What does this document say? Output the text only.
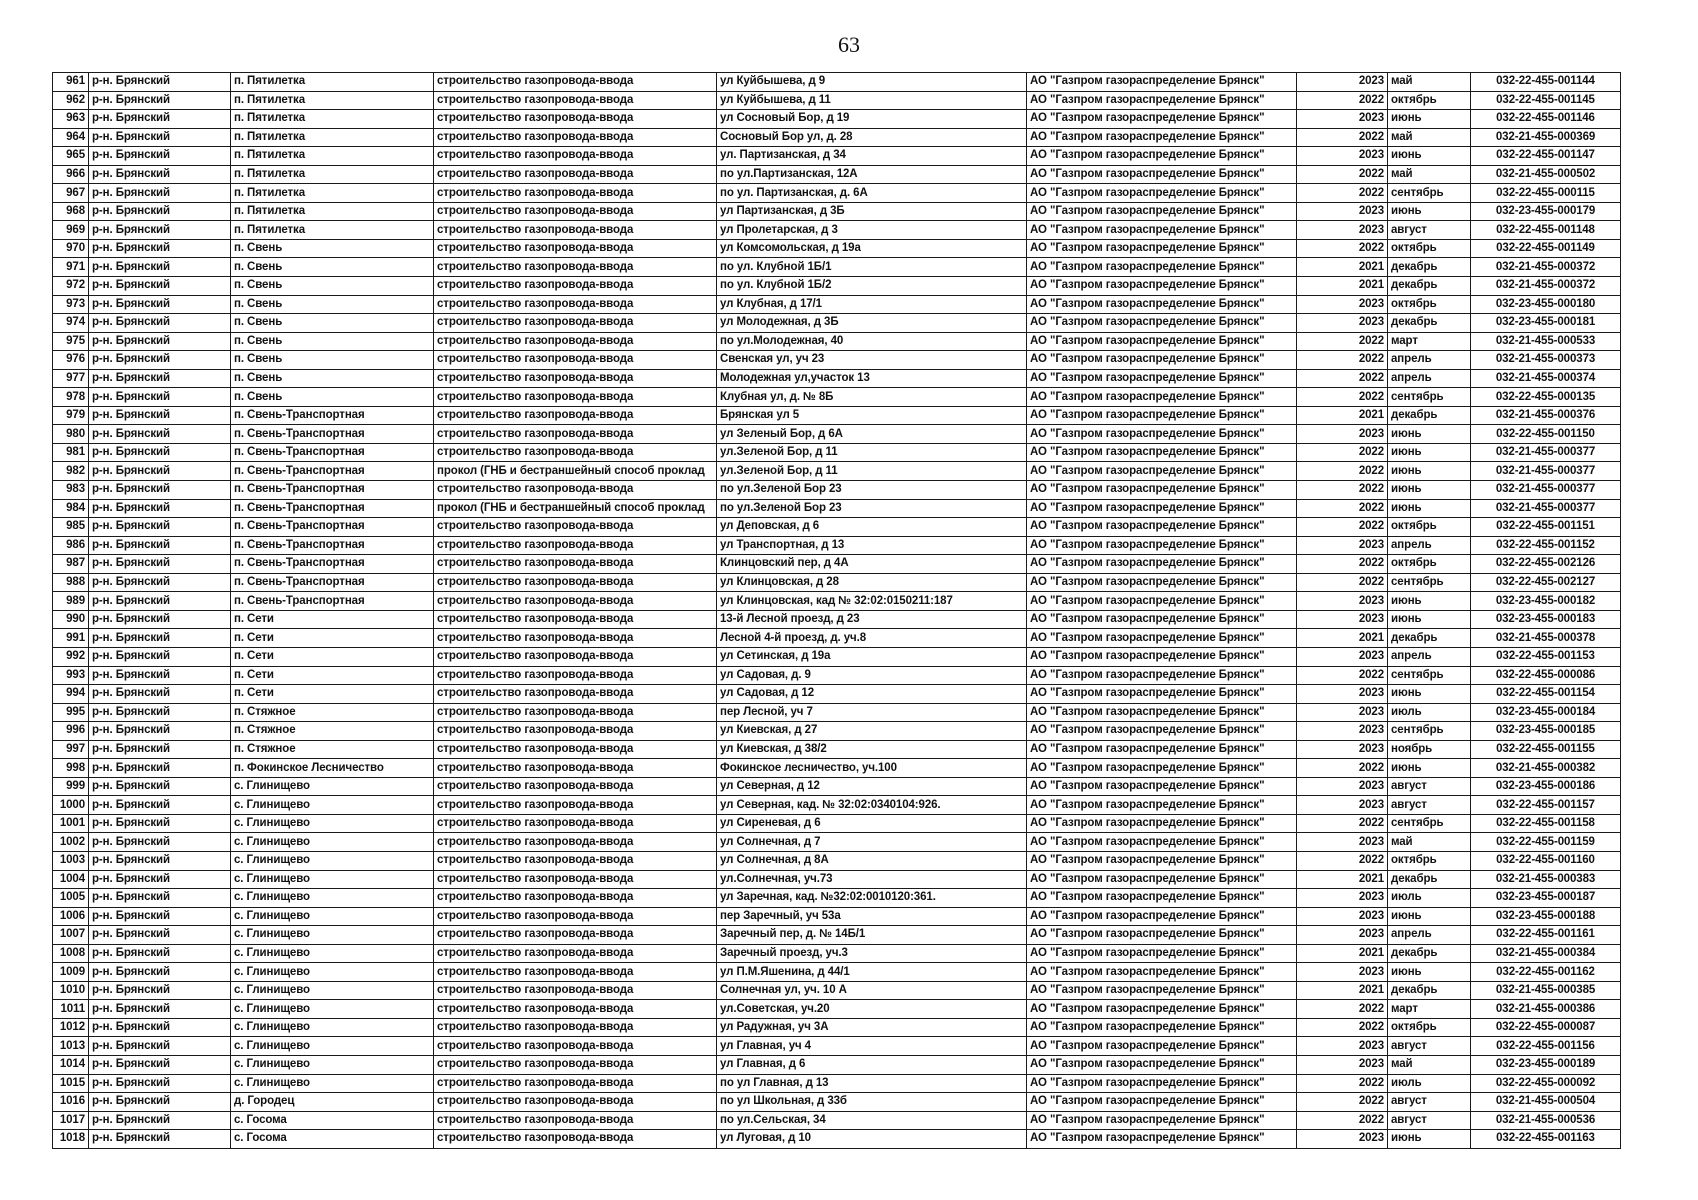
63
961	р-н. Брянский	п. Пятилетка	строительство газопровода-ввода	ул Куйбышева, д 9	АО "Газпром газораспределение Брянск"	2023	май	032-22-455-001144
962	р-н. Брянский	п. Пятилетка	строительство газопровода-ввода	ул Куйбышева, д 11	АО "Газпром газораспределение Брянск"	2022	октябрь	032-22-455-001145
963	р-н. Брянский	п. Пятилетка	строительство газопровода-ввода	ул Сосновый Бор, д 19	АО "Газпром газораспределение Брянск"	2023	июнь	032-22-455-001146
964	р-н. Брянский	п. Пятилетка	строительство газопровода-ввода	Сосновый Бор ул, д. 28	АО "Газпром газораспределение Брянск"	2022	май	032-21-455-000369
965	р-н. Брянский	п. Пятилетка	строительство газопровода-ввода	ул. Партизанская, д 34	АО "Газпром газораспределение Брянск"	2023	июнь	032-22-455-001147
966	р-н. Брянский	п. Пятилетка	строительство газопровода-ввода	по ул.Партизанская, 12А	АО "Газпром газораспределение Брянск"	2022	май	032-21-455-000502
967	р-н. Брянский	п. Пятилетка	строительство газопровода-ввода	по ул. Партизанская, д. 6А	АО "Газпром газораспределение Брянск"	2022	сентябрь	032-22-455-000115
968	р-н. Брянский	п. Пятилетка	строительство газопровода-ввода	ул Партизанская, д 3Б	АО "Газпром газораспределение Брянск"	2023	июнь	032-23-455-000179
969	р-н. Брянский	п. Пятилетка	строительство газопровода-ввода	ул Пролетарская, д 3	АО "Газпром газораспределение Брянск"	2023	август	032-22-455-001148
970	р-н. Брянский	п. Свень	строительство газопровода-ввода	ул Комсомольская, д 19а	АО "Газпром газораспределение Брянск"	2022	октябрь	032-22-455-001149
971	р-н. Брянский	п. Свень	строительство газопровода-ввода	по ул. Клубной 1Б/1	АО "Газпром газораспределение Брянск"	2021	декабрь	032-21-455-000372
972	р-н. Брянский	п. Свень	строительство газопровода-ввода	по ул. Клубной 1Б/2	АО "Газпром газораспределение Брянск"	2021	декабрь	032-21-455-000372
973	р-н. Брянский	п. Свень	строительство газопровода-ввода	ул Клубная, д 17/1	АО "Газпром газораспределение Брянск"	2023	октябрь	032-23-455-000180
974	р-н. Брянский	п. Свень	строительство газопровода-ввода	ул Молодежная, д 3Б	АО "Газпром газораспределение Брянск"	2023	декабрь	032-23-455-000181
975	р-н. Брянский	п. Свень	строительство газопровода-ввода	по ул.Молодежная, 40	АО "Газпром газораспределение Брянск"	2022	март	032-21-455-000533
976	р-н. Брянский	п. Свень	строительство газопровода-ввода	Свенская ул, уч 23	АО "Газпром газораспределение Брянск"	2022	апрель	032-21-455-000373
977	р-н. Брянский	п. Свень	строительство газопровода-ввода	Молодежная ул,участок 13	АО "Газпром газораспределение Брянск"	2022	апрель	032-21-455-000374
978	р-н. Брянский	п. Свень	строительство газопровода-ввода	Клубная ул, д. № 8Б	АО "Газпром газораспределение Брянск"	2022	сентябрь	032-22-455-000135
979	р-н. Брянский	п. Свень-Транспортная	строительство газопровода-ввода	Брянская ул 5	АО "Газпром газораспределение Брянск"	2021	декабрь	032-21-455-000376
980	р-н. Брянский	п. Свень-Транспортная	строительство газопровода-ввода	ул Зеленый Бор, д 6А	АО "Газпром газораспределение Брянск"	2023	июнь	032-22-455-001150
981	р-н. Брянский	п. Свень-Транспортная	строительство газопровода-ввода	ул.Зеленой Бор, д 11	АО "Газпром газораспределение Брянск"	2022	июнь	032-21-455-000377
982	р-н. Брянский	п. Свень-Транспортная	прокол (ГНБ и бестраншейный способ проклад	ул.Зеленой Бор, д 11	АО "Газпром газораспределение Брянск"	2022	июнь	032-21-455-000377
983	р-н. Брянский	п. Свень-Транспортная	строительство газопровода-ввода	по ул.Зеленой Бор 23	АО "Газпром газораспределение Брянск"	2022	июнь	032-21-455-000377
984	р-н. Брянский	п. Свень-Транспортная	прокол (ГНБ и бестраншейный способ проклад	по ул.Зеленой Бор 23	АО "Газпром газораспределение Брянск"	2022	июнь	032-21-455-000377
985	р-н. Брянский	п. Свень-Транспортная	строительство газопровода-ввода	ул Деповская, д 6	АО "Газпром газораспределение Брянск"	2022	октябрь	032-22-455-001151
986	р-н. Брянский	п. Свень-Транспортная	строительство газопровода-ввода	ул Транспортная, д 13	АО "Газпром газораспределение Брянск"	2023	апрель	032-22-455-001152
987	р-н. Брянский	п. Свень-Транспортная	строительство газопровода-ввода	Клинцовский пер, д 4А	АО "Газпром газораспределение Брянск"	2022	октябрь	032-22-455-002126
988	р-н. Брянский	п. Свень-Транспортная	строительство газопровода-ввода	ул Клинцовская, д 28	АО "Газпром газораспределение Брянск"	2022	сентябрь	032-22-455-002127
989	р-н. Брянский	п. Свень-Транспортная	строительство газопровода-ввода	ул Клинцовская, кад № 32:02:0150211:187	АО "Газпром газораспределение Брянск"	2023	июнь	032-23-455-000182
990	р-н. Брянский	п. Сети	строительство газопровода-ввода	13-й Лесной проезд, д 23	АО "Газпром газораспределение Брянск"	2023	июнь	032-23-455-000183
991	р-н. Брянский	п. Сети	строительство газопровода-ввода	Лесной 4-й проезд, д. уч.8	АО "Газпром газораспределение Брянск"	2021	декабрь	032-21-455-000378
992	р-н. Брянский	п. Сети	строительство газопровода-ввода	ул Сетинская, д 19а	АО "Газпром газораспределение Брянск"	2023	апрель	032-22-455-001153
993	р-н. Брянский	п. Сети	строительство газопровода-ввода	ул Садовая, д. 9	АО "Газпром газораспределение Брянск"	2022	сентябрь	032-22-455-000086
994	р-н. Брянский	п. Сети	строительство газопровода-ввода	ул Садовая, д 12	АО "Газпром газораспределение Брянск"	2023	июнь	032-22-455-001154
995	р-н. Брянский	п. Стяжное	строительство газопровода-ввода	пер Лесной, уч 7	АО "Газпром газораспределение Брянск"	2023	июль	032-23-455-000184
996	р-н. Брянский	п. Стяжное	строительство газопровода-ввода	ул Киевская, д 27	АО "Газпром газораспределение Брянск"	2023	сентябрь	032-23-455-000185
997	р-н. Брянский	п. Стяжное	строительство газопровода-ввода	ул Киевская, д 38/2	АО "Газпром газораспределение Брянск"	2023	ноябрь	032-22-455-001155
998	р-н. Брянский	п. Фокинское Лесничество	строительство газопровода-ввода	Фокинское лесничество, уч.100	АО "Газпром газораспределение Брянск"	2022	июнь	032-21-455-000382
999	р-н. Брянский	с. Глинищево	строительство газопровода-ввода	ул Северная, д 12	АО "Газпром газораспределение Брянск"	2023	август	032-23-455-000186
1000	р-н. Брянский	с. Глинищево	строительство газопровода-ввода	ул Северная, кад. № 32:02:0340104:926.	АО "Газпром газораспределение Брянск"	2023	август	032-22-455-001157
1001	р-н. Брянский	с. Глинищево	строительство газопровода-ввода	ул Сиреневая, д 6	АО "Газпром газораспределение Брянск"	2022	сентябрь	032-22-455-001158
1002	р-н. Брянский	с. Глинищево	строительство газопровода-ввода	ул Солнечная, д 7	АО "Газпром газораспределение Брянск"	2023	май	032-22-455-001159
1003	р-н. Брянский	с. Глинищево	строительство газопровода-ввода	ул Солнечная, д 8А	АО "Газпром газораспределение Брянск"	2022	октябрь	032-22-455-001160
1004	р-н. Брянский	с. Глинищево	строительство газопровода-ввода	ул.Солнечная, уч.73	АО "Газпром газораспределение Брянск"	2021	декабрь	032-21-455-000383
1005	р-н. Брянский	с. Глинищево	строительство газопровода-ввода	ул Заречная, кад. №32:02:0010120:361.	АО "Газпром газораспределение Брянск"	2023	июль	032-23-455-000187
1006	р-н. Брянский	с. Глинищево	строительство газопровода-ввода	пер Заречный, уч 53а	АО "Газпром газораспределение Брянск"	2023	июнь	032-23-455-000188
1007	р-н. Брянский	с. Глинищево	строительство газопровода-ввода	Заречный пер, д. № 14Б/1	АО "Газпром газораспределение Брянск"	2023	апрель	032-22-455-001161
1008	р-н. Брянский	с. Глинищево	строительство газопровода-ввода	Заречный проезд, уч.3	АО "Газпром газораспределение Брянск"	2021	декабрь	032-21-455-000384
1009	р-н. Брянский	с. Глинищево	строительство газопровода-ввода	ул П.М.Яшенина, д 44/1	АО "Газпром газораспределение Брянск"	2023	июнь	032-22-455-001162
1010	р-н. Брянский	с. Глинищево	строительство газопровода-ввода	Солнечная ул, уч. 10 А	АО "Газпром газораспределение Брянск"	2021	декабрь	032-21-455-000385
1011	р-н. Брянский	с. Глинищево	строительство газопровода-ввода	ул.Советская, уч.20	АО "Газпром газораспределение Брянск"	2022	март	032-21-455-000386
1012	р-н. Брянский	с. Глинищево	строительство газопровода-ввода	ул Радужная, уч 3А	АО "Газпром газораспределение Брянск"	2022	октябрь	032-22-455-000087
1013	р-н. Брянский	с. Глинищево	строительство газопровода-ввода	ул Главная, уч 4	АО "Газпром газораспределение Брянск"	2023	август	032-22-455-001156
1014	р-н. Брянский	с. Глинищево	строительство газопровода-ввода	ул Главная, д 6	АО "Газпром газораспределение Брянск"	2023	май	032-23-455-000189
1015	р-н. Брянский	с. Глинищево	строительство газопровода-ввода	по ул Главная, д 13	АО "Газпром газораспределение Брянск"	2022	июль	032-22-455-000092
1016	р-н. Брянский	д. Городец	строительство газопровода-ввода	по ул Школьная, д 33б	АО "Газпром газораспределение Брянск"	2022	август	032-21-455-000504
1017	р-н. Брянский	с. Госома	строительство газопровода-ввода	по ул.Сельская, 34	АО "Газпром газораспределение Брянск"	2022	август	032-21-455-000536
1018	р-н. Брянский	с. Госома	строительство газопровода-ввода	ул Луговая, д 10	АО "Газпром газораспределение Брянск"	2023	июнь	032-22-455-001163
